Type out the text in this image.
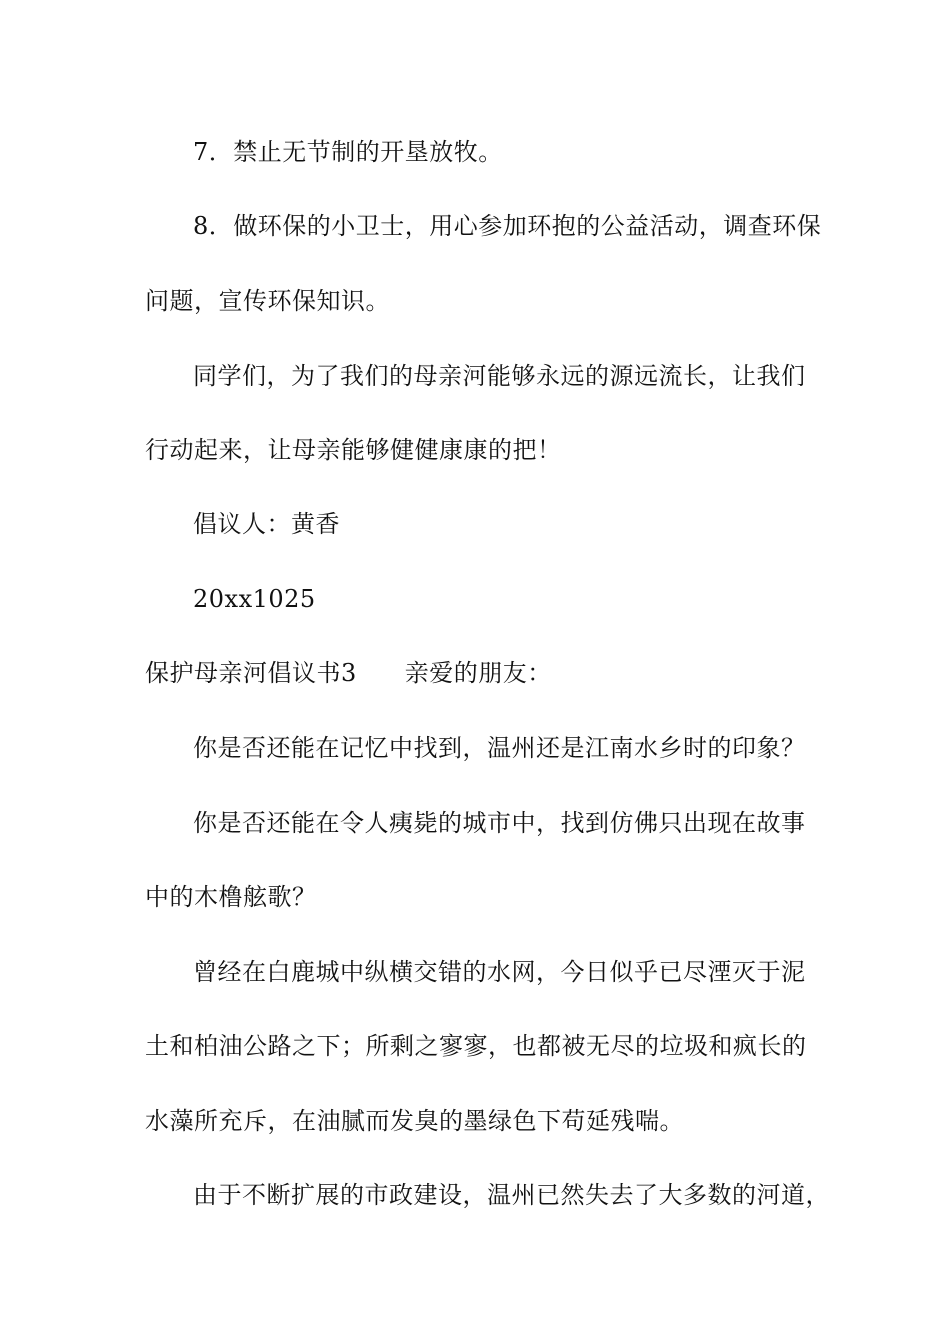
7．禁止无节制的开垦放牧。
8．做环保的小卫士，用心参加环抱的公益活动，调查环保
问题，宣传环保知识。
同学们，为了我们的母亲河能够永远的源远流长，让我们
行动起来，让母亲能够健健康康的把！
倡议人：黄香
20xx1025
保护母亲河倡议书3 亲爱的朋友：
你是否还能在记忆中找到，温州还是江南水乡时的印象？
你是否还能在令人痍毙的城市中，找到仿佛只出现在故事
中的木橹舷歌？
曾经在白鹿城中纵横交错的水网，今日似乎已尽湮灭于泥
土和柏油公路之下；所剩之寥寥，也都被无尽的垃圾和疯长的
水藻所充斥，在油腻而发臭的墨绿色下苟延残喘。
由于不断扩展的市政建设，温州已然失去了大多数的河道，
